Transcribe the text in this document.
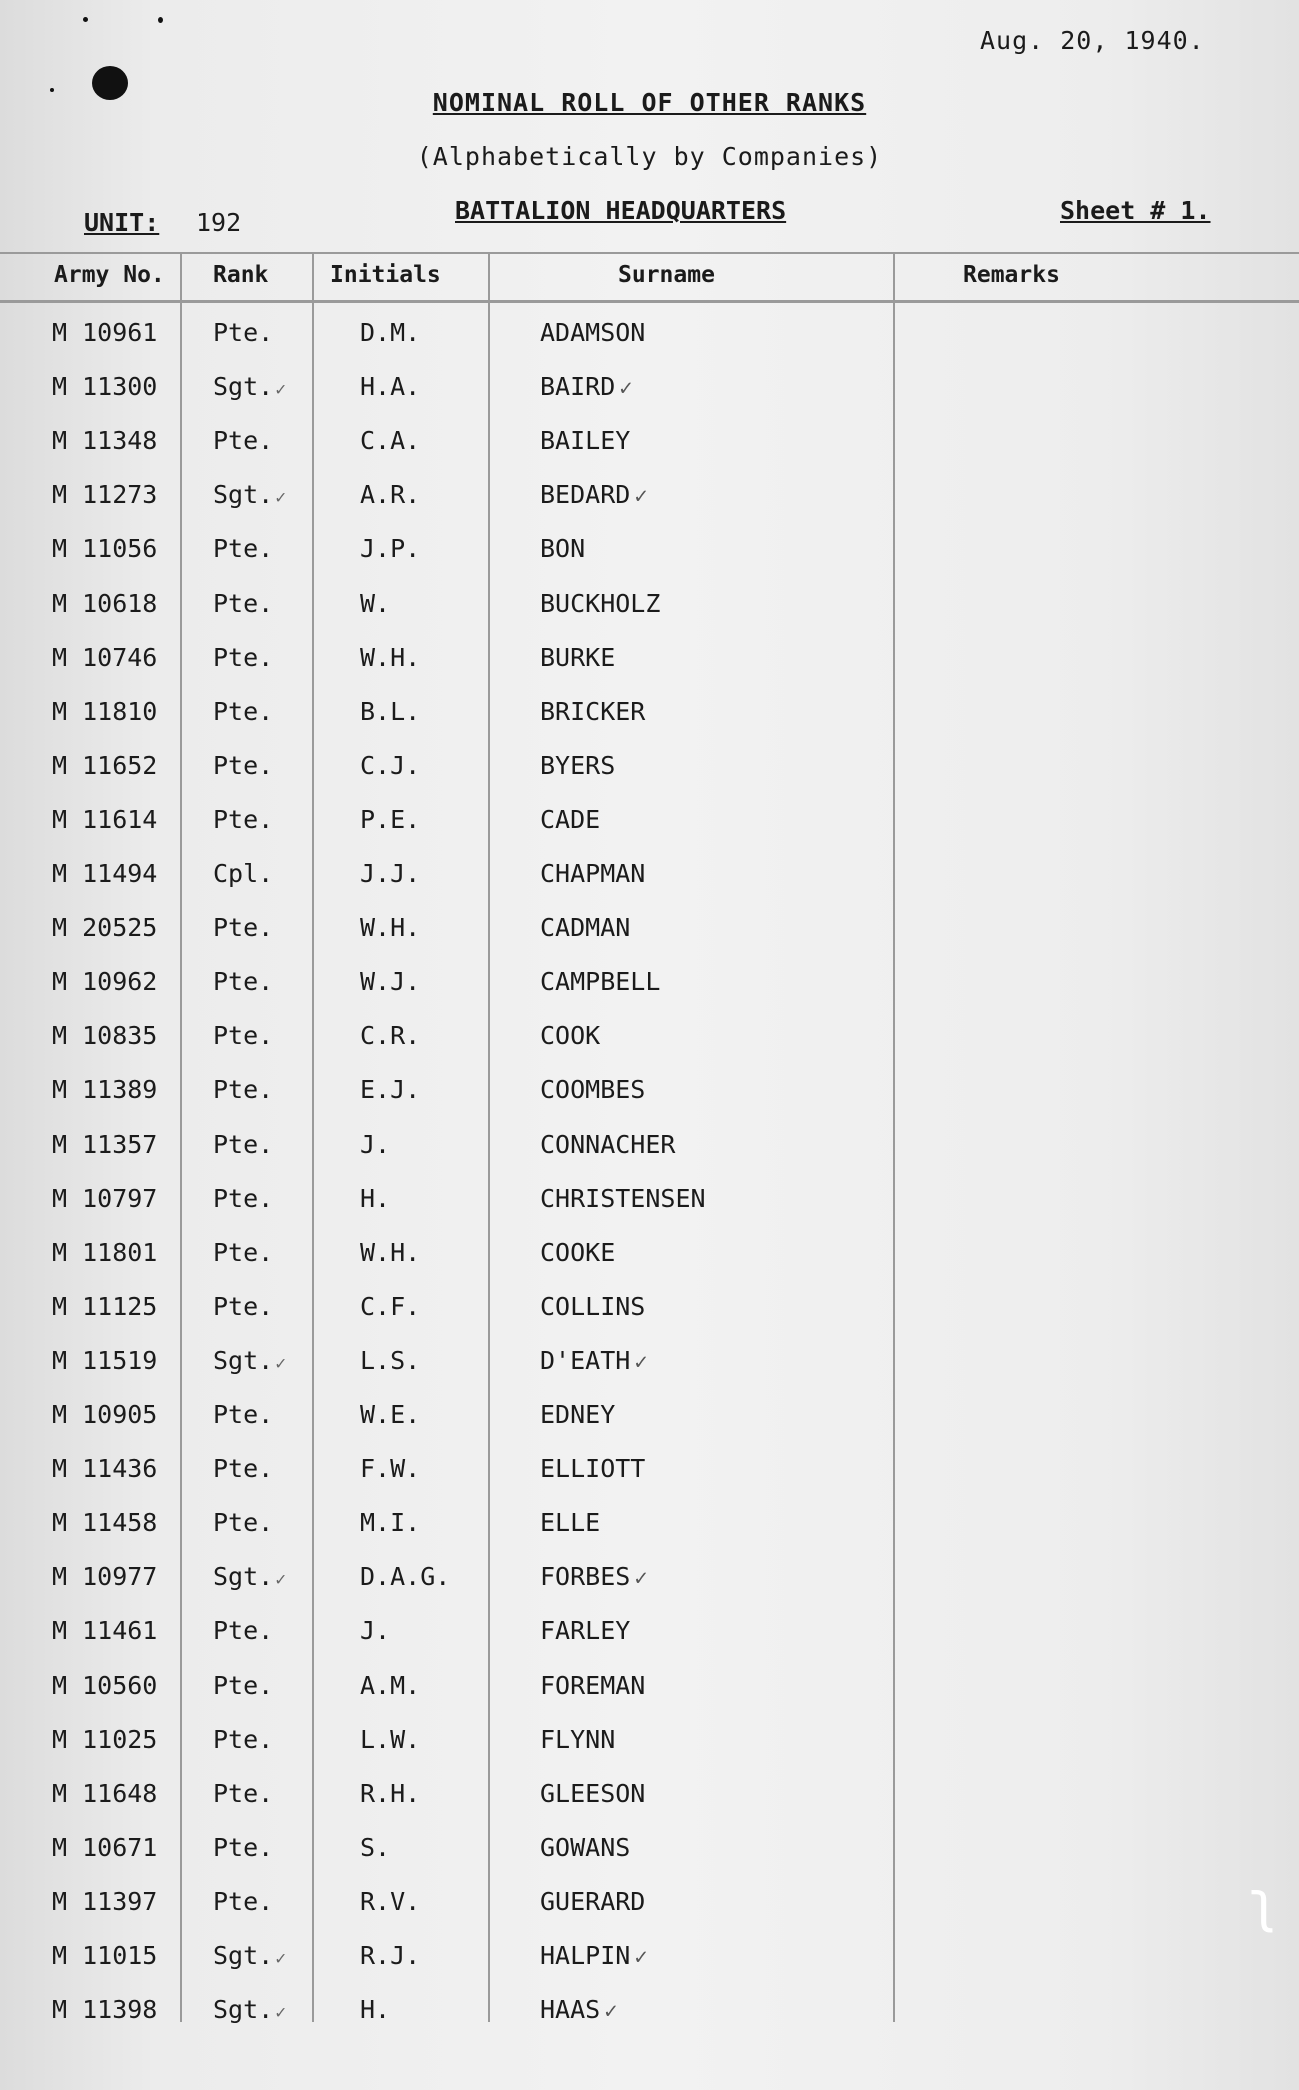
Aug. 20, 1940.
NOMINAL ROLL OF OTHER RANKS
(Alphabetically by Companies)
UNIT: 192	BATTALION HEADQUARTERS	Sheet # 1.
Army No. Rank	Initials	Surname	Remarks
M 10961 Pte.	D.M.	ADAMSON
M 11300 Sgt. ✓	H.A.	BAIRD ✓
M 11348 Pte.	C.A.	BAILEY
M 11273 Sgt. ✓	A.R.	BEDARD ✓
M 11056 Pte.	J.P.	BON
M 10618 Pte.	W.	BUCKHOLZ
M 10746 Pte.	W.H.	BURKE
M 11810 Pte.	B.L.	BRICKER
M 11652 Pte.	C.J.	BYERS
M 11614 Pte.	P.E.	CADE
M 11494 Cpl.	J.J.	CHAPMAN
M 20525 Pte.	W.H.	CADMAN
M 10962 Pte.	W.J.	CAMPBELL
M 10835 Pte.	C.R.	COOK
M 11389 Pte.	E.J.	COOMBES
M 11357 Pte.	J.	CONNACHER
M 10797 Pte.	H.	CHRISTENSEN
M 11801 Pte.	W.H.	COOKE
M 11125 Pte.	C.F.	COLLINS
M 11519 Sgt. ✓	L.S.	D'EATH ✓
M 10905 Pte.	W.E.	EDNEY
M 11436 Pte.	F.W.	ELLIOTT
M 11458 Pte.	M.I.	ELLE
M 10977 Sgt. ✓	D.A.G.	FORBES ✓
M 11461 Pte.	J.	FARLEY
M 10560 Pte.	A.M.	FOREMAN
M 11025 Pte.	L.W.	FLYNN
M 11648 Pte.	R.H.	GLEESON
M 10671 Pte.	S.	GOWANS
M 11397 Pte.	R.V.	GUERARD
M 11015 Sgt. ✓	R.J.	HALPIN ✓
M 11398 Sgt. ✓	H.	HAAS ✓
ʅ
